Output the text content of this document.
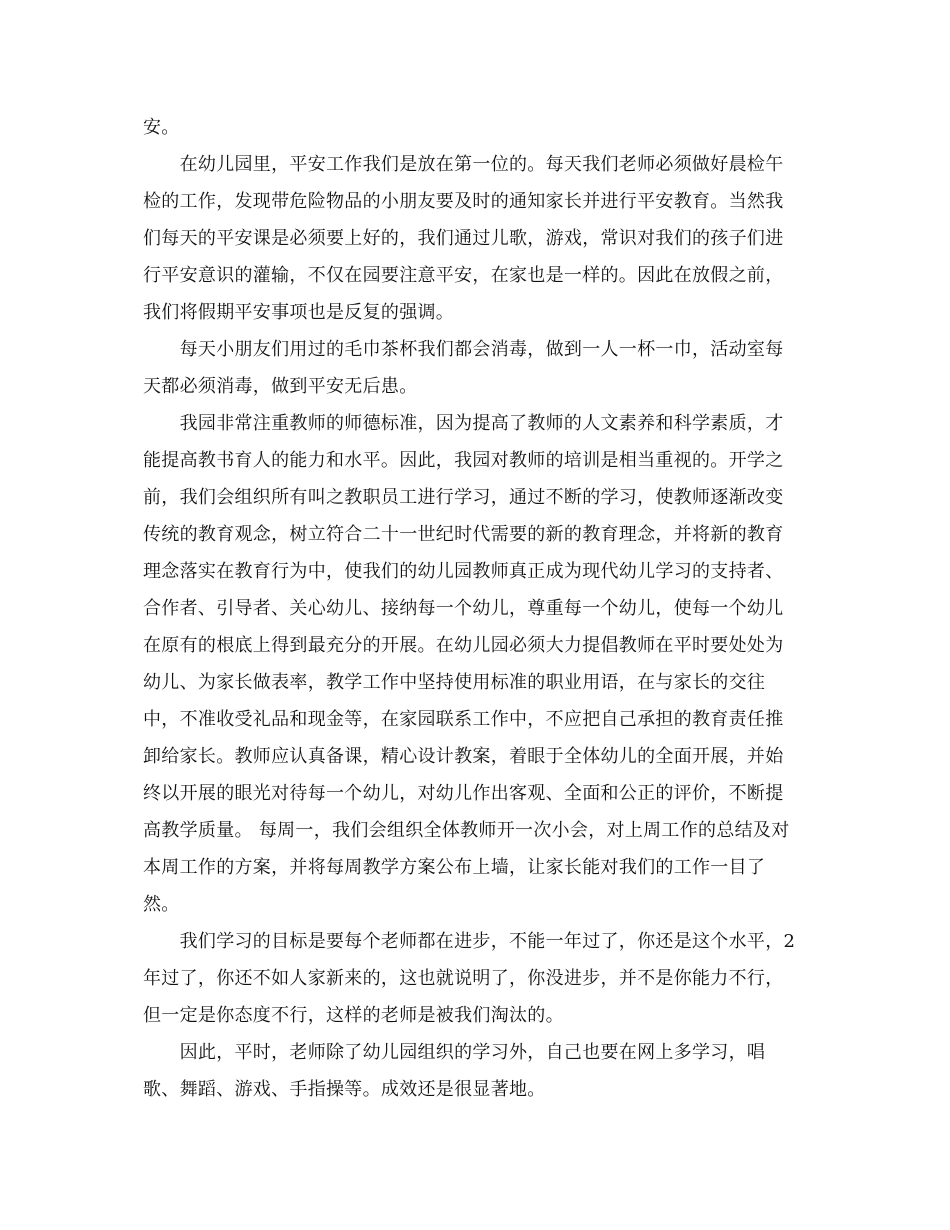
安。
　　在幼儿园里，平安工作我们是放在第一位的。每天我们老师必须做好晨检午
检的工作，发现带危险物品的小朋友要及时的通知家长并进行平安教育。当然我
们每天的平安课是必须要上好的，我们通过儿歌，游戏，常识对我们的孩子们进
行平安意识的灌输，不仅在园要注意平安，在家也是一样的。因此在放假之前，
我们将假期平安事项也是反复的强调。
　　每天小朋友们用过的毛巾茶杯我们都会消毒，做到一人一杯一巾，活动室每
天都必须消毒，做到平安无后患。
　　我园非常注重教师的师德标准，因为提高了教师的人文素养和科学素质，才
能提高教书育人的能力和水平。因此，我园对教师的培训是相当重视的。开学之
前，我们会组织所有叫之教职员工进行学习，通过不断的学习，使教师逐渐改变
传统的教育观念，树立符合二十一世纪时代需要的新的教育理念，并将新的教育
理念落实在教育行为中，使我们的幼儿园教师真正成为现代幼儿学习的支持者、
合作者、引导者、关心幼儿、接纳每一个幼儿，尊重每一个幼儿，使每一个幼儿
在原有的根底上得到最充分的开展。在幼儿园必须大力提倡教师在平时要处处为
幼儿、为家长做表率，教学工作中坚持使用标准的职业用语，在与家长的交往
中，不准收受礼品和现金等，在家园联系工作中，不应把自己承担的教育责任推
卸给家长。教师应认真备课，精心设计教案，着眼于全体幼儿的全面开展，并始
终以开展的眼光对待每一个幼儿，对幼儿作出客观、全面和公正的评价，不断提
高教学质量。 每周一，我们会组织全体教师开一次小会，对上周工作的总结及对
本周工作的方案，并将每周教学方案公布上墙，让家长能对我们的工作一目了
然。
　　我们学习的目标是要每个老师都在进步，不能一年过了，你还是这个水平，2
年过了，你还不如人家新来的，这也就说明了，你没进步，并不是你能力不行，
但一定是你态度不行，这样的老师是被我们淘汰的。
　　因此，平时，老师除了幼儿园组织的学习外，自己也要在网上多学习，唱
歌、舞蹈、游戏、手指操等。成效还是很显著地。
